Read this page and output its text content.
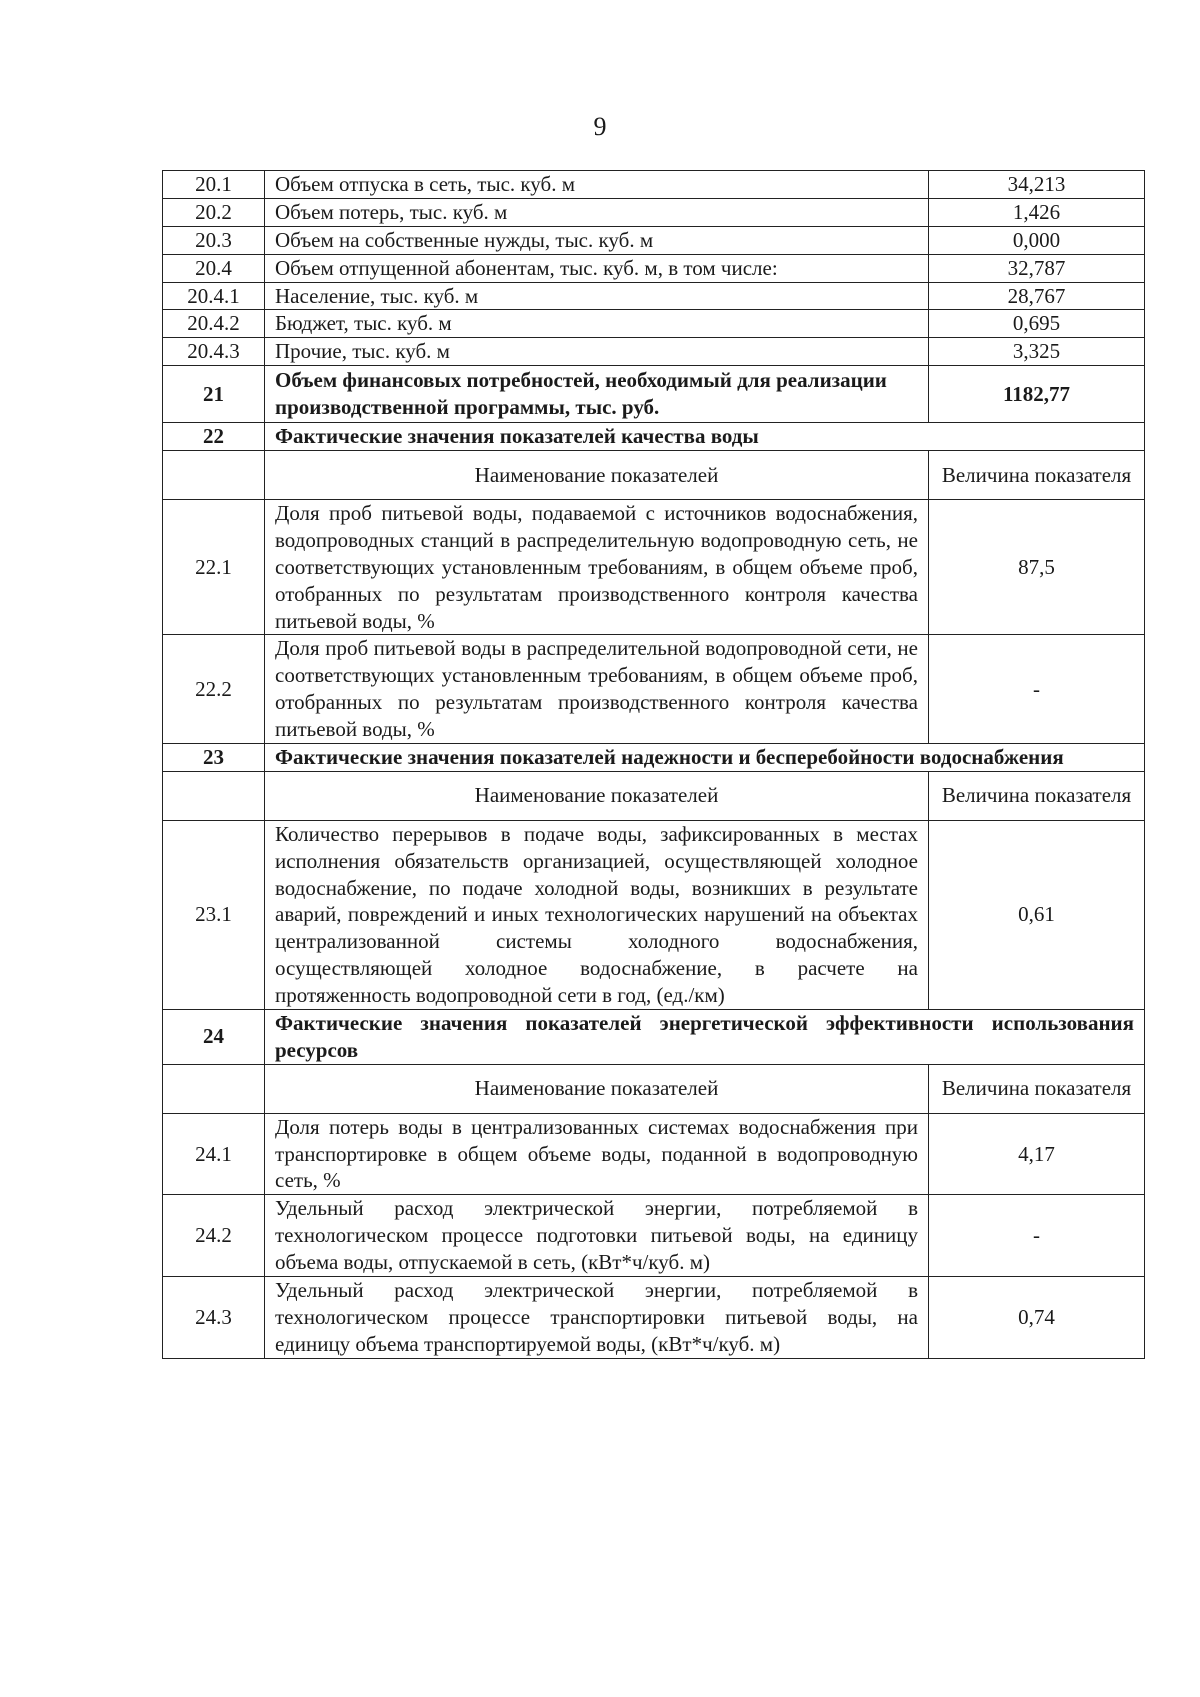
9
20.1	Объем отпуска в сеть, тыс. куб. м	34,213
20.2	Объем потерь, тыс. куб. м	1,426
20.3	Объем на собственные нужды, тыс. куб. м	0,000
20.4	Объем отпущенной абонентам, тыс. куб. м, в том числе:	32,787
20.4.1	Население, тыс. куб. м	28,767
20.4.2	Бюджет, тыс. куб. м	0,695
20.4.3	Прочие, тыс. куб. м	3,325
21	Объем финансовых потребностей, необходимый для реализации производственной программы, тыс. руб.	1182,77
22	Фактические значения показателей качества воды	
	Наименование показателей	Величина показателя
22.1	Доля проб питьевой воды, подаваемой с источников водоснабжения, водопроводных станций в распределительную водопроводную сеть, не соответствующих установленным требованиям, в общем объеме проб, отобранных по результатам производственного контроля качества питьевой воды, %	87,5
22.2	Доля проб питьевой воды в распределительной водопроводной сети, не соответствующих установленным требованиям, в общем объеме проб, отобранных по результатам производственного контроля качества питьевой воды, %	-
23	Фактические значения показателей надежности и бесперебойности водоснабжения	
	Наименование показателей	Величина показателя
23.1	Количество перерывов в подаче воды, зафиксированных в местах исполнения обязательств организацией, осуществляющей холодное водоснабжение, по подаче холодной воды, возникших в результате аварий, повреждений и иных технологических нарушений на объектах централизованной системы холодного водоснабжения, осуществляющей холодное водоснабжение, в расчете на протяженность водопроводной сети в год, (ед./км)	0,61
24	Фактические значения показателей энергетической эффективности использования ресурсов	
	Наименование показателей	Величина показателя
24.1	Доля потерь воды в централизованных системах водоснабжения при транспортировке в общем объеме воды, поданной в водопроводную сеть, %	4,17
24.2	Удельный расход электрической энергии, потребляемой в технологическом процессе подготовки питьевой воды, на единицу объема воды, отпускаемой в сеть, (кВт*ч/куб. м)	-
24.3	Удельный расход электрической энергии, потребляемой в технологическом процессе транспортировки питьевой воды, на единицу объема транспортируемой воды, (кВт*ч/куб. м)	0,74
